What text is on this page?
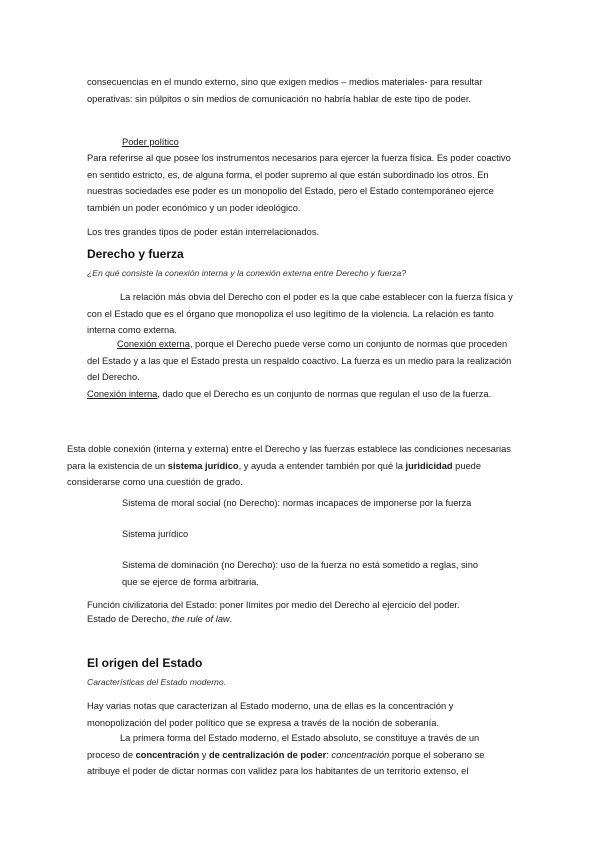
consecuencias en el mundo externo, sino que exigen medios – medios materiales- para resultar operativas: sin púlpitos o sin medios de comunicación no habría hablar de este tipo de poder.

Poder político

Para referirse al que posee los instrumentos necesarios para ejercer la fuerza física. Es poder coactivo en sentido estricto, es, de alguna forma, el poder supremo al que están subordinado los otros. En nuestras sociedades ese poder es un monopolio del Estado, pero el Estado contemporáneo ejerce también un poder económico y un poder ideológico.

Los tres grandes tipos de poder están interrelacionados.

Derecho y fuerza

¿En qué consiste la conexión interna y la conexión externa entre Derecho y fuerza?

La relación más obvia del Derecho con el poder es la que cabe establecer con la fuerza física y con el Estado que es el órgano que monopoliza el uso legítimo de la violencia. La relación es tanto interna como externa.

Conexión externa, porque el Derecho puede verse como un conjunto de normas que proceden del Estado y a las que el Estado presta un respaldo coactivo. La fuerza es un medio para la realización del Derecho.

Conexión interna, dado que el Derecho es un conjunto de normas que regulan el uso de la fuerza.

Esta doble conexión (interna y externa) entre el Derecho y las fuerzas establece las condiciones necesarias para la existencia de un sistema jurídico, y ayuda a entender también por qué la juridicidad puede considerarse como una cuestión de grado.

Sistema de moral social (no Derecho): normas incapaces de imponerse por la fuerza

Sistema jurídico

Sistema de dominación (no Derecho): uso de la fuerza no está sometido a reglas, sino

que se ejerce de forma arbitraria.

Función civilizatoria del Estado: poner límites por medio del Derecho al ejercicio del poder.

Estado de Derecho, the rule of law.

El origen del Estado

Características del Estado moderno.

Hay varias notas que caracterizan al Estado moderno, una de ellas es la concentración y monopolización del poder político que se expresa a través de la noción de soberanía.

La primera forma del Estado moderno, el Estado absoluto, se constituye a través de un proceso de concentración y de centralización de poder: concentración porque el soberano se atribuye el poder de dictar normas con validez para los habitantes de un territorio extenso, el
